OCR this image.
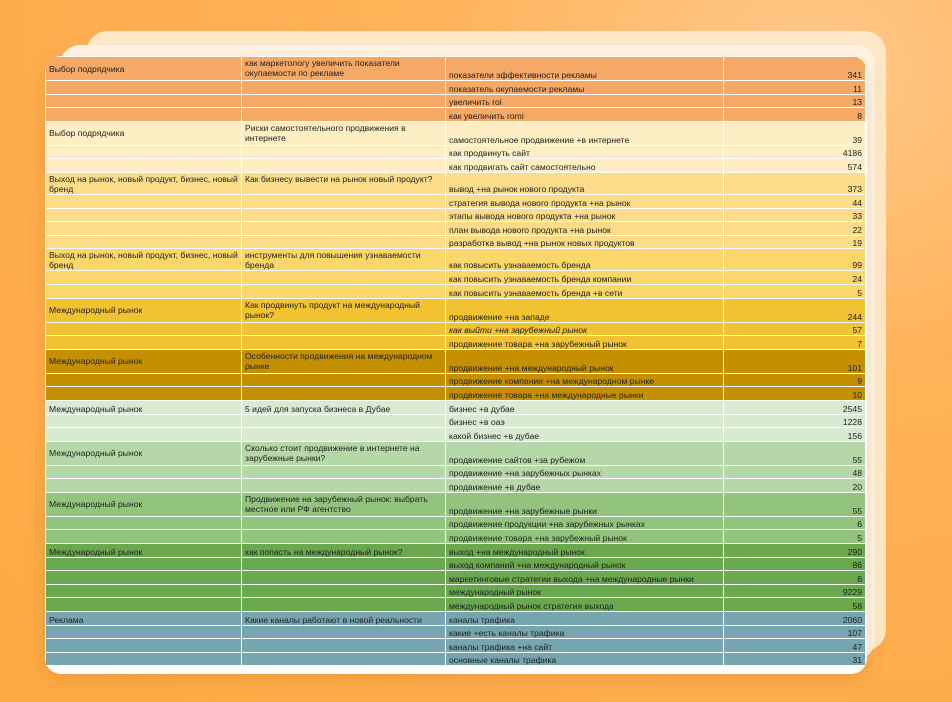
Выбор подрядчика	как маркетологу увеличить показатели окупаемости по рекламе	показатели эффективности рекламы	341
		показатель окупаемости рекламы	11
		увеличить roi	13
		как увеличить romi	8
Выбор подрядчика	Риски самостоятельного продвижения в интернете	самостоятельное продвижение +в интернете	39
		как продвинуть сайт	4186
		как продвигать сайт самостоятельно	574
Выход на рынок, новый продукт, бизнес, новый бренд	Как бизнесу вывести на рынок новый продукт?	вывод +на рынок нового продукта	373
		стратегия вывода нового продукта +на рынок	44
		этапы вывода нового продукта +на рынок	33
		план вывода нового продукта +на рынок	22
		разработка вывод +на рынок новых продуктов	19
Выход на рынок, новый продукт, бизнес, новый бренд	инструменты для повышения узнаваемости бренда	как повысить узнаваемость бренда	99
		как повысить узнаваемость бренда компании	24
		как повысить узнаваемость бренда +в сети	5
Международный рынок	Как продвинуть продукт на международный рынок?	продвижение +на западе	244
		как выйти +на зарубежный рынок	57
		продвижение товара +на зарубежный рынок	7
Международный рынок	Особенности продвижения на международном рынке	продвижение +на международный рынок	101
		продвижение компании +на международном рынке	9
		продвижение товара +на международные рынки	10
Международный рынок	5 идей для запуска бизнеса в Дубае	бизнес +в дубае	2545
		бизнес +в оаэ	1228
		какой бизнес +в дубае	156
Международный рынок	Сколько стоит продвижение в интернете на зарубежные рынки?	продвижение сайтов +за рубежом	55
		продвижение +на зарубежных рынках	48
		продвижение +в дубае	20
Международный рынок	Продвижение на зарубежный рынок: выбрать местное или РФ агентство	продвижение +на зарубежные рынки	55
		продвижение продукции +на зарубежных рынках	6
		продвижение товара +на зарубежный рынок	5
Международный рынок	как попасть на международный рынок?	выход +на международный рынок	290
		выход компаний +на международный рынок	86
		маркетинговые стратегии выхода +на международные рынки	6
		международный рынок	9229
		международный рынок стратегия выхода	58
Реклама	Какие каналы работают в новой реальности	каналы трафика	2060
		какие +есть каналы трафика	107
		каналы трафика +на сайт	47
		основные каналы трафика	31
